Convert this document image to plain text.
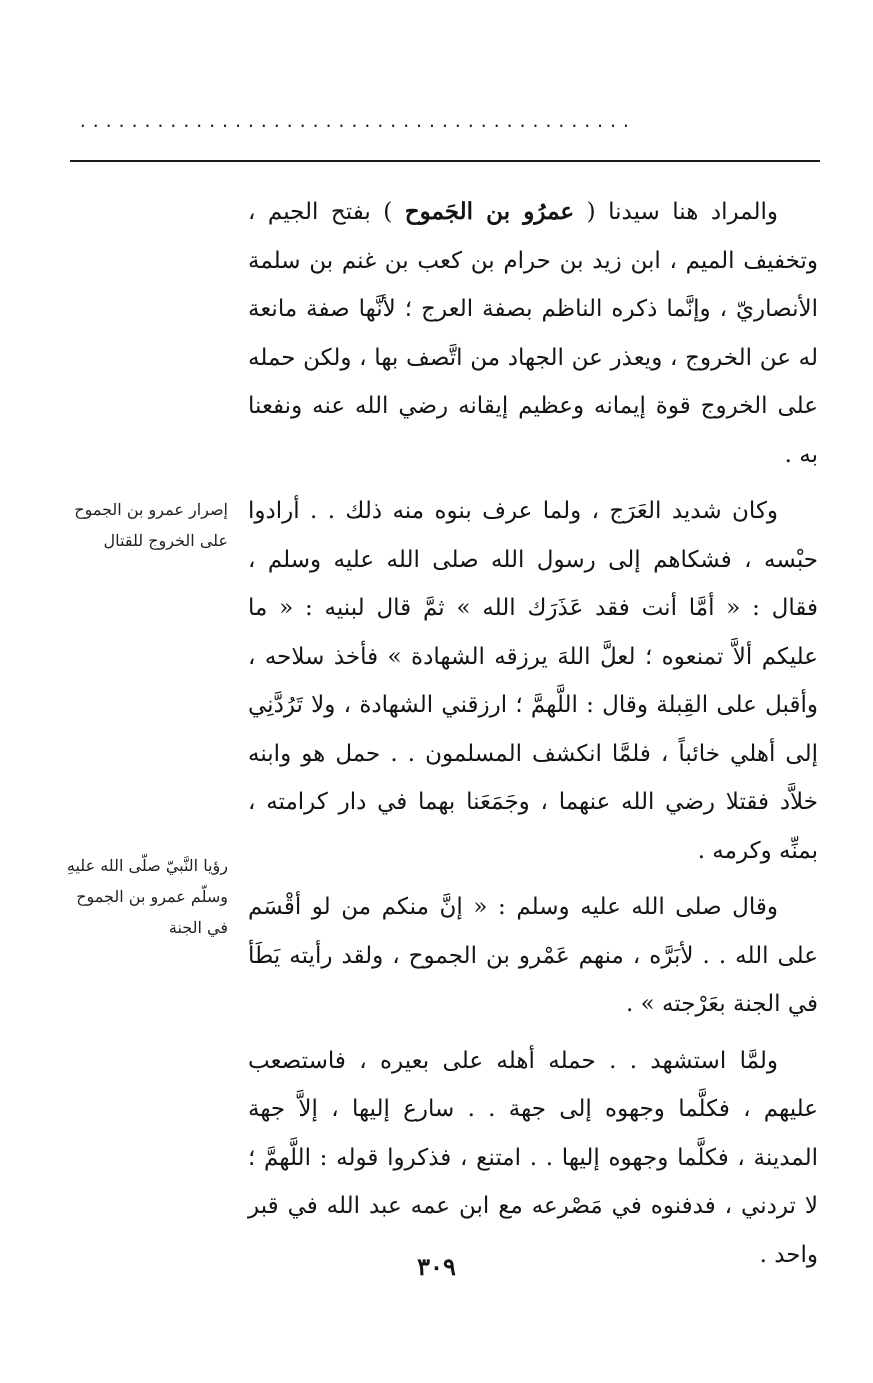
...........................................

والمراد هنا سيدنا ( عمرُو بن الجَموح ) بفتح الجيم ، وتخفيف الميم ، ابن زيد بن حرام بن كعب بن غنم بن سلمة الأنصاريّ ، وإنَّما ذكره الناظم بصفة العرج ؛ لأنَّها صفة مانعة له عن الخروج ، ويعذر عن الجهاد من اتَّصف بها ، ولكن حمله على الخروج قوة إيمانه وعظيم إيقانه رضي الله عنه ونفعنا به .

وكان شديد العَرَج ، ولما عرف بنوه منه ذلك . . أرادوا حبْسه ، فشكاهم إلى رسول الله صلى الله عليه وسلم ، فقال : « أمَّا أنت فقد عَذَرَك الله » ثمَّ قال لبنيه : « ما عليكم ألاَّ تمنعوه ؛ لعلَّ اللهَ يرزقه الشهادة » فأخذ سلاحه ، وأقبل على القِبلة وقال : اللَّهمَّ ؛ ارزقني الشهادة ، ولا تَرُدَّنِي إلى أهلي خائباً ، فلمَّا انكشف المسلمون . . حمل هو وابنه خلاَّد فقتلا رضي الله عنهما ، وجَمَعَنا بهما في دار كرامته ، بمنِّه وكرمه .

وقال صلى الله عليه وسلم : « إنَّ منكم من لو أقْسَم على الله . . لأبَرَّه ، منهم عَمْرو بن الجموح ، ولقد رأيته يَطَأ في الجنة بعَرْجته » .

ولمَّا استشهد . . حمله أهله على بعيره ، فاستصعب عليهم ، فكلَّما وجهوه إلى جهة . . سارع إليها ، إلاَّ جهة المدينة ، فكلَّما وجهوه إليها . . امتنع ، فذكروا قوله : اللَّهمَّ ؛ لا تردني ، فدفنوه في مَصْرعه مع ابن عمه عبد الله في قبر واحد .

إصرار عمرو بن الجموح على الخروج للقتال
رؤيا النَّبيّ صلّى الله عليهِ وسلّم عمرو بن الجموح في الجنة
٣٠٩
